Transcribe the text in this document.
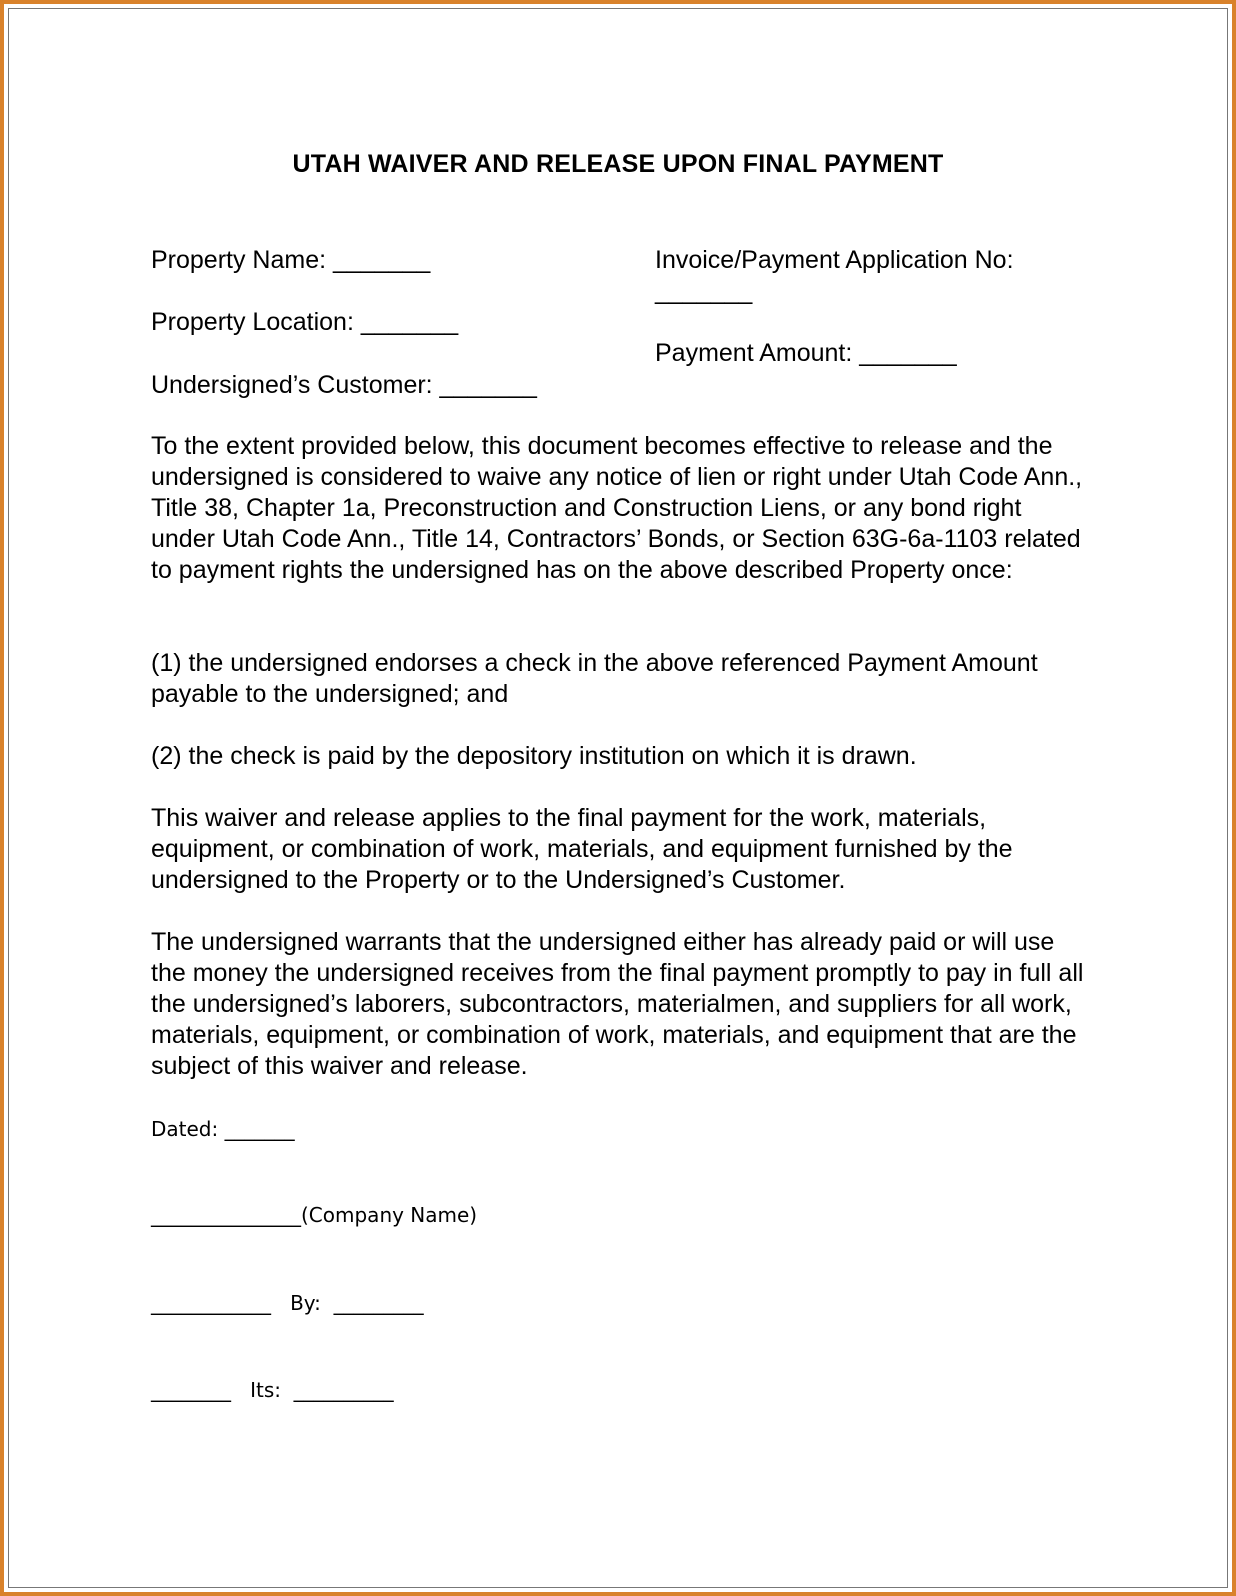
UTAH WAIVER AND RELEASE UPON FINAL PAYMENT
Property Name: _______	Invoice/Payment Application No:
_______
Property Location: _______
Payment Amount: _______
Undersigned’s Customer: _______
To the extent provided below, this document becomes effective to release and the undersigned is considered to waive any notice of lien or right under Utah Code Ann., Title 38, Chapter 1a, Preconstruction and Construction Liens, or any bond right under Utah Code Ann., Title 14, Contractors’ Bonds, or Section 63G-6a-1103 related to payment rights the undersigned has on the above described Property once:
(1) the undersigned endorses a check in the above referenced Payment Amount payable to the undersigned; and
(2) the check is paid by the depository institution on which it is drawn.
This waiver and release applies to the final payment for the work, materials, equipment, or combination of work, materials, and equipment furnished by the undersigned to the Property or to the Undersigned’s Customer.
The undersigned warrants that the undersigned either has already paid or will use the money the undersigned receives from the final payment promptly to pay in full all the undersigned’s laborers, subcontractors, materialmen, and suppliers for all work, materials, equipment, or combination of work, materials, and equipment that are the subject of this waiver and release.
Dated: _______
_______________(Company Name)
____________   By:  _________
________   Its:  __________
